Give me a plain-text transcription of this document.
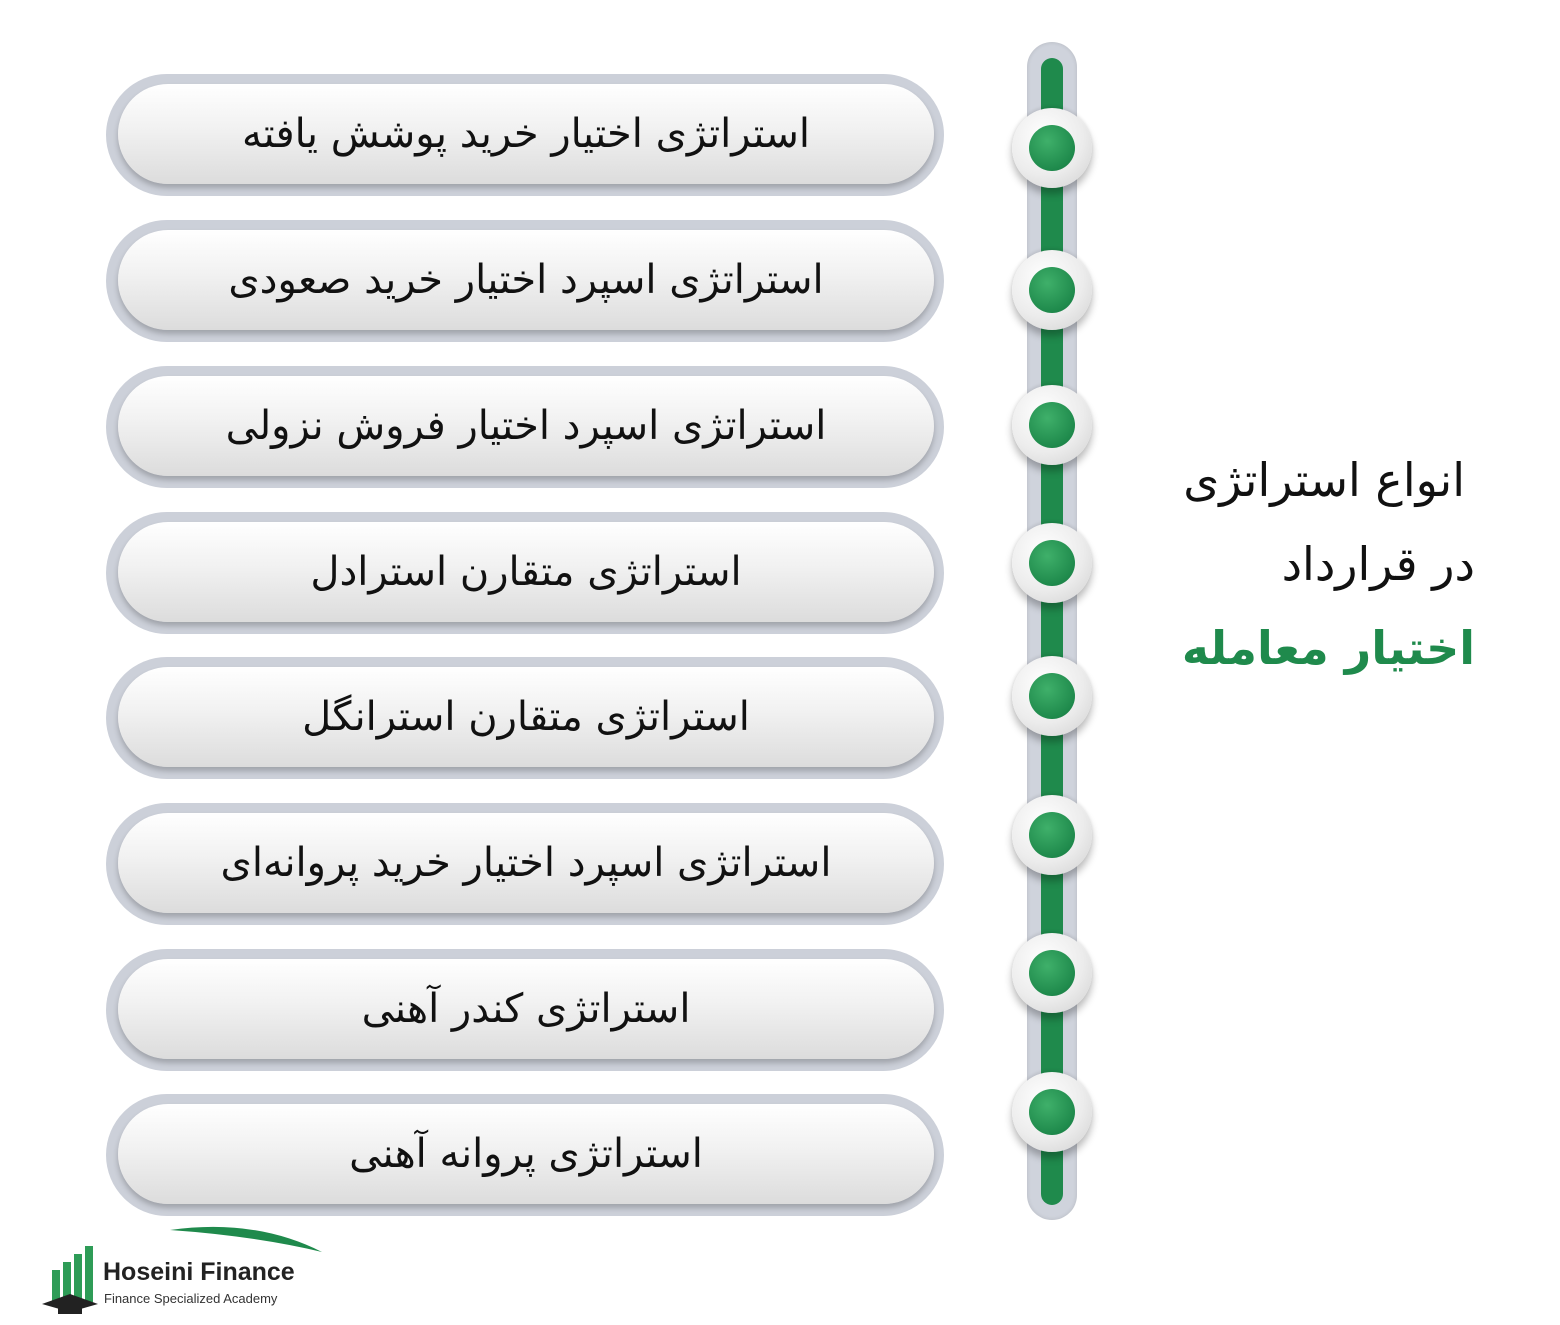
استراتژی اختیار خرید پوشش یافته
استراتژی اسپرد اختیار خرید صعودی
استراتژی اسپرد اختیار فروش نزولی
استراتژی متقارن استرادل
استراتژی متقارن استرانگل
استراتژی اسپرد اختیار خرید پروانه‌ای
استراتژی کندر آهنی
استراتژی پروانه آهنی
انواع استراتژی
در قرارداد
اختیار معامله
Hoseini Finance
Finance Specialized Academy
